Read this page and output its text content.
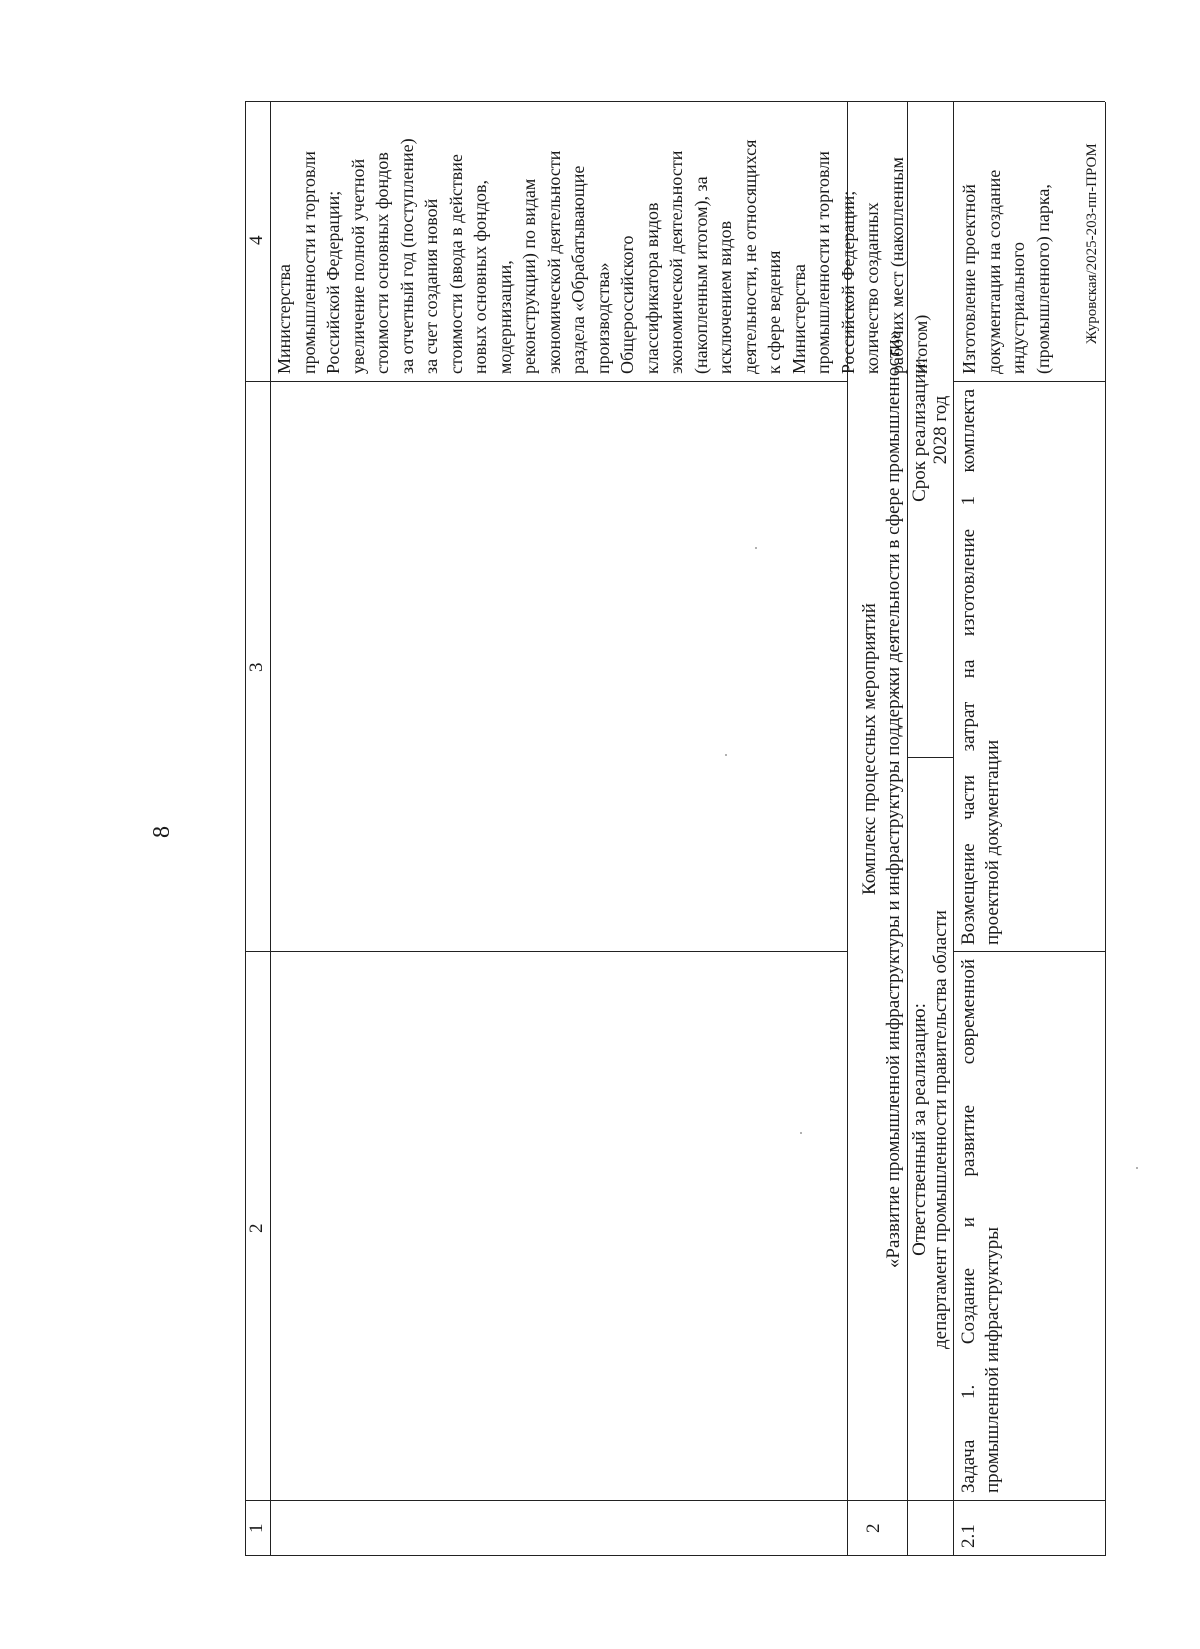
8
1
2
3
4
Министерства промышленности и торговли Российской Федерации; увеличение полной учетной стоимости основных фондов за отчетный год (поступление) за счет создания новой стоимости (ввода в действие новых основных фондов, модернизации, реконструкции) по видам экономической деятельности раздела «Обрабатывающие производства» Общероссийского классификатора видов экономической деятельности (накопленным итогом), за исключением видов деятельности, не относящихся к сфере ведения Министерства промышленности и торговли Российской Федерации; количество созданных рабочих мест (накопленным итогом)
2
Комплекс процессных мероприятий «Развитие промышленной инфраструктуры и инфраструктуры поддержки деятельности в сфере промышленности» Ответственный за реализацию: департамент промышленности правительства области
Срок реализации: 2028 год
2.1
Задача 1. Создание и развитие современной промышленной инфраструктуры
Возмещение части затрат на изготовление 1 комплекта проектной документации
Изготовление проектной документации на создание индустриального (промышленного) парка, Журовская/2025-203-пп-ПРОМ
